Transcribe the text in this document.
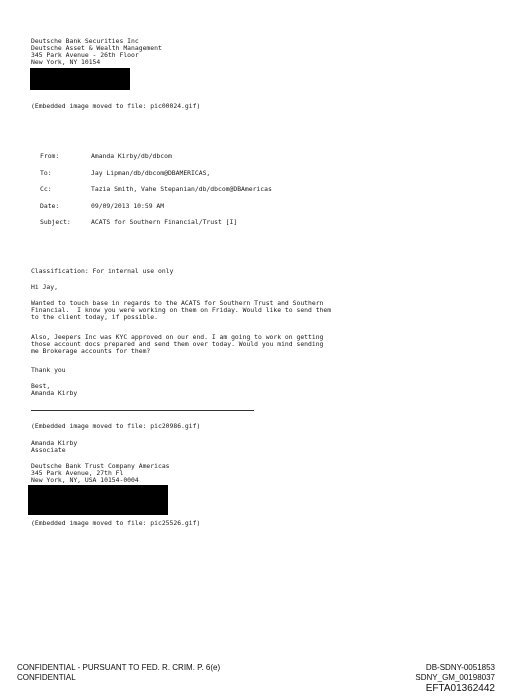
Deutsche Bank Securities Inc
Deutsche Asset & Wealth Management
345 Park Avenue - 26th Floor
New York, NY 10154
(Embedded image moved to file: pic00024.gif)
From:	Amanda Kirby/db/dbcom
To:	Jay Lipman/db/dbcom@DBAMERICAS,
Cc:	Tazia Smith, Vahe Stepanian/db/dbcom@DBAmericas
Date:	09/09/2013 10:59 AM
Subject:	ACATS for Southern Financial/Trust [I]
Classification: For internal use only
Hi Jay,
Wanted to touch base in regards to the ACATS for Southern Trust and Southern
Financial.  I know you were working on them on Friday. Would like to send them
to the client today, if possible.
Also, Jeepers Inc was KYC approved on our end. I am going to work on getting
those account docs prepared and send them over today. Would you mind sending
me Brokerage accounts for them?
Thank you
Best,
Amanda Kirby
(Embedded image moved to file: pic20986.gif)
Amanda Kirby
Associate
Deutsche Bank Trust Company Americas
345 Park Avenue, 27th Fl
New York, NY, USA 10154-0004
(Embedded image moved to file: pic25526.gif)
CONFIDENTIAL - PURSUANT TO FED. R. CRIM. P. 6(e)
CONFIDENTIAL
DB-SDNY-0051853
SDNY_GM_00198037
EFTA01362442
